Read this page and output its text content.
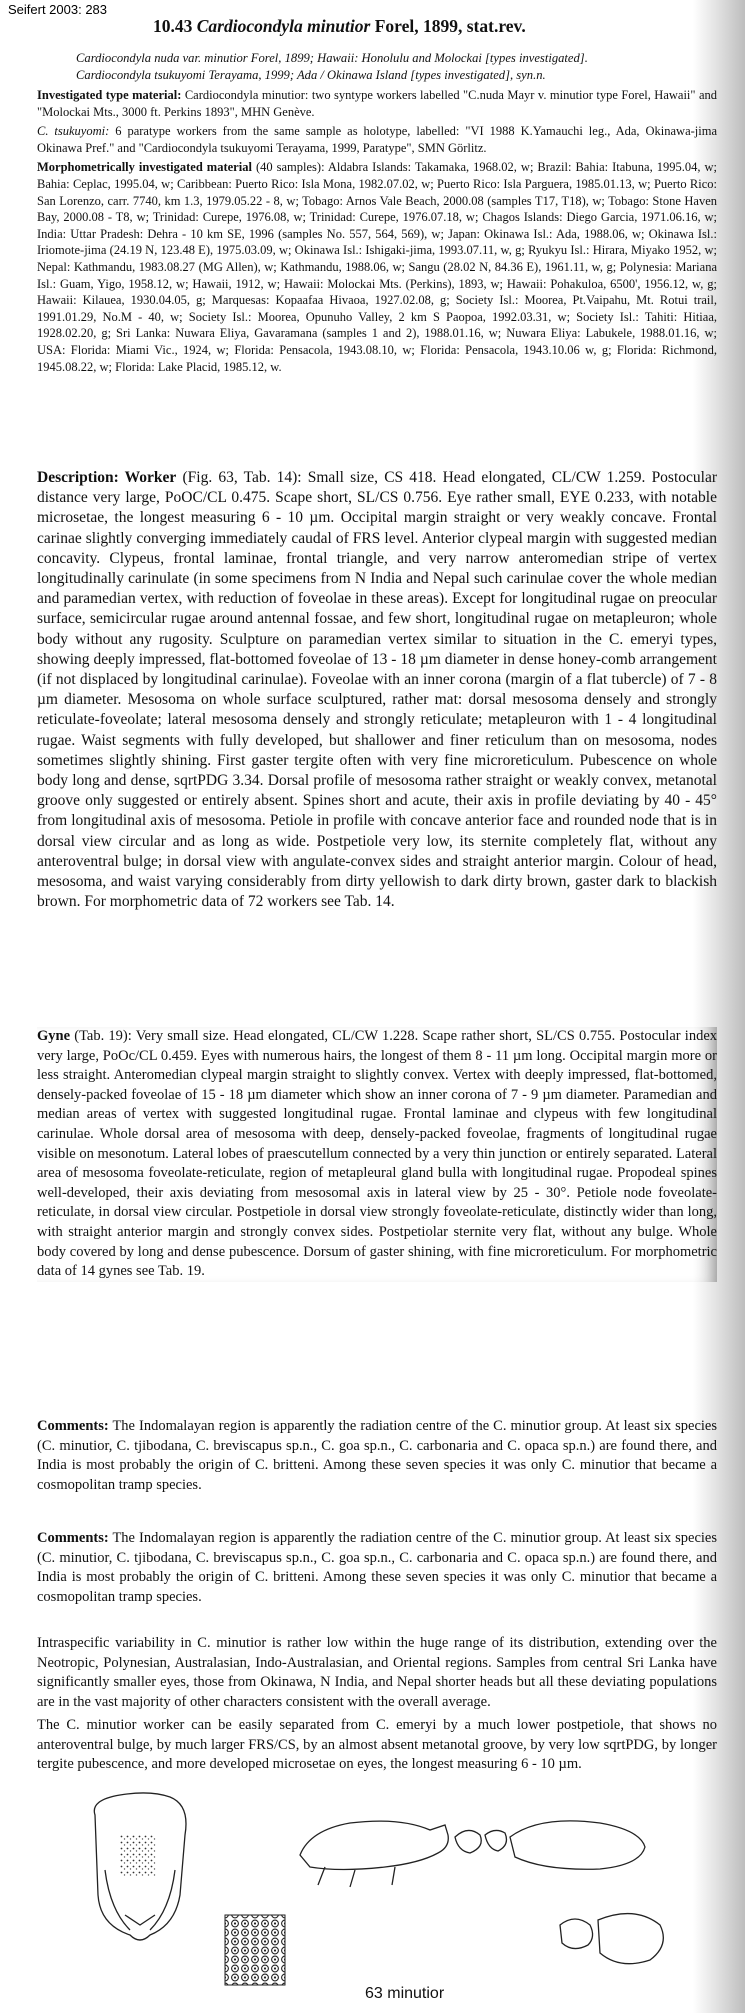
Seifert 2003: 283
10.43 Cardiocondyla minutior Forel, 1899, stat.rev.

Cardiocondyla nuda var. minutior Forel, 1899; Hawaii: Honolulu and Molockai [types investigated].

Cardiocondyla tsukuyomi Terayama, 1999; Ada / Okinawa Island [types investigated], syn.n.

Investigated type material: Cardiocondyla minutior: two syntype workers labelled "C.nuda Mayr v. minutior type Forel, Hawaii" and "Molockai Mts., 3000 ft. Perkins 1893", MHN Genève.

C. tsukuyomi: 6 paratype workers from the same sample as holotype, labelled: "VI 1988 K.Yamauchi leg., Ada, Okinawa-jima Okinawa Pref." and "Cardiocondyla tsukuyomi Terayama, 1999, Paratype", SMN Görlitz.

Morphometrically investigated material (40 samples): Aldabra Islands: Takamaka, 1968.02, w; Brazil: Bahia: Itabuna, 1995.04, w; Bahia: Ceplac, 1995.04, w; Caribbean: Puerto Rico: Isla Mona, 1982.07.02, w; Puerto Rico: Isla Parguera, 1985.01.13, w; Puerto Rico: San Lorenzo, carr. 7740, km 1.3, 1979.05.22 - 8, w; Tobago: Arnos Vale Beach, 2000.08 (samples T17, T18), w; Tobago: Stone Haven Bay, 2000.08 - T8, w; Trinidad: Curepe, 1976.08, w; Trinidad: Curepe, 1976.07.18, w; Chagos Islands: Diego Garcia, 1971.06.16, w; India: Uttar Pradesh: Dehra - 10 km SE, 1996 (samples No. 557, 564, 569), w; Japan: Okinawa Isl.: Ada, 1988.06, w; Okinawa Isl.: Iriomote-jima (24.19 N, 123.48 E), 1975.03.09, w; Okinawa Isl.: Ishigaki-jima, 1993.07.11, w, g; Ryukyu Isl.: Hirara, Miyako 1952, w; Nepal: Kathmandu, 1983.08.27 (MG Allen), w; Kathmandu, 1988.06, w; Sangu (28.02 N, 84.36 E), 1961.11, w, g; Polynesia: Mariana Isl.: Guam, Yigo, 1958.12, w; Hawaii, 1912, w; Hawaii: Molockai Mts. (Perkins), 1893, w; Hawaii: Pohakuloa, 6500', 1956.12, w, g; Hawaii: Kilauea, 1930.04.05, g; Marquesas: Kopaafaa Hivaoa, 1927.02.08, g; Society Isl.: Moorea, Pt.Vaipahu, Mt. Rotui trail, 1991.01.29, No.M - 40, w; Society Isl.: Moorea, Opunuho Valley, 2 km S Paopoa, 1992.03.31, w; Society Isl.: Tahiti: Hitiaa, 1928.02.20, g; Sri Lanka: Nuwara Eliya, Gavaramana (samples 1 and 2), 1988.01.16, w; Nuwara Eliya: Labukele, 1988.01.16, w; USA: Florida: Miami Vic., 1924, w; Florida: Pensacola, 1943.08.10, w; Florida: Pensacola, 1943.10.06 w, g; Florida: Richmond, 1945.08.22, w; Florida: Lake Placid, 1985.12, w.

Description: Worker (Fig. 63, Tab. 14): Small size, CS 418. Head elongated, CL/CW 1.259. Postocular distance very large, PoOC/CL 0.475. Scape short, SL/CS 0.756. Eye rather small, EYE 0.233, with notable microsetae, the longest measuring 6 - 10 µm. Occipital margin straight or very weakly concave. Frontal carinae slightly converging immediately caudal of FRS level. Anterior clypeal margin with suggested median concavity. Clypeus, frontal laminae, frontal triangle, and very narrow anteromedian stripe of vertex longitudinally carinulate (in some specimens from N India and Nepal such carinulae cover the whole median and paramedian vertex, with reduction of foveolae in these areas). Except for longitudinal rugae on preocular surface, semicircular rugae around antennal fossae, and few short, longitudinal rugae on metapleuron; whole body without any rugosity. Sculpture on paramedian vertex similar to situation in the C. emeryi types, showing deeply impressed, flat-bottomed foveolae of 13 - 18 µm diameter in dense honey-comb arrangement (if not displaced by longitudinal carinulae). Foveolae with an inner corona (margin of a flat tubercle) of 7 - 8 µm diameter. Mesosoma on whole surface sculptured, rather mat: dorsal mesosoma densely and strongly reticulate-foveolate; lateral mesosoma densely and strongly reticulate; metapleuron with 1 - 4 longitudinal rugae. Waist segments with fully developed, but shallower and finer reticulum than on mesosoma, nodes sometimes slightly shining. First gaster tergite often with very fine microreticulum. Pubescence on whole body long and dense, sqrtPDG 3.34. Dorsal profile of mesosoma rather straight or weakly convex, metanotal groove only suggested or entirely absent. Spines short and acute, their axis in profile deviating by 40 - 45° from longitudinal axis of mesosoma. Petiole in profile with concave anterior face and rounded node that is in dorsal view circular and as long as wide. Postpetiole very low, its sternite completely flat, without any anteroventral bulge; in dorsal view with angulate-convex sides and straight anterior margin. Colour of head, mesosoma, and waist varying considerably from dirty yellowish to dark dirty brown, gaster dark to blackish brown. For morphometric data of 72 workers see Tab. 14.

Gyne (Tab. 19): Very small size. Head elongated, CL/CW 1.228. Scape rather short, SL/CS 0.755. Postocular index very large, PoOc/CL 0.459. Eyes with numerous hairs, the longest of them 8 - 11 µm long. Occipital margin more or less straight. Anteromedian clypeal margin straight to slightly convex. Vertex with deeply impressed, flat-bottomed, densely-packed foveolae of 15 - 18 µm diameter which show an inner corona of 7 - 9 µm diameter. Paramedian and median areas of vertex with suggested longitudinal rugae. Frontal laminae and clypeus with few longitudinal carinulae. Whole dorsal area of mesosoma with deep, densely-packed foveolae, fragments of longitudinal rugae visible on mesonotum. Lateral lobes of praescutellum connected by a very thin junction or entirely separated. Lateral area of mesosoma foveolate-reticulate, region of metapleural gland bulla with longitudinal rugae. Propodeal spines well-developed, their axis deviating from mesosomal axis in lateral view by 25 - 30°. Petiole node foveolate-reticulate, in dorsal view circular. Postpetiole in dorsal view strongly foveolate-reticulate, distinctly wider than long, with straight anterior margin and strongly convex sides. Postpetiolar sternite very flat, without any bulge. Whole body covered by long and dense pubescence. Dorsum of gaster shining, with fine microreticulum. For morphometric data of 14 gynes see Tab. 19.

Comments: The Indomalayan region is apparently the radiation centre of the C. minutior group. At least six species (C. minutior, C. tjibodana, C. breviscapus sp.n., C. goa sp.n., C. carbonaria and C. opaca sp.n.) are found there, and India is most probably the origin of C. britteni. Among these seven species it was only C. minutior that became a cosmopolitan tramp species.

Comments: The Indomalayan region is apparently the radiation centre of the C. minutior group. At least six species (C. minutior, C. tjibodana, C. breviscapus sp.n., C. goa sp.n., C. carbonaria and C. opaca sp.n.) are found there, and India is most probably the origin of C. britteni. Among these seven species it was only C. minutior that became a cosmopolitan tramp species.

Intraspecific variability in C. minutior is rather low within the huge range of its distribution, extending over the Neotropic, Polynesian, Australasian, Indo-Australasian, and Oriental regions. Samples from central Sri Lanka have significantly smaller eyes, those from Okinawa, N India, and Nepal shorter heads but all these deviating populations are in the vast majority of other characters consistent with the overall average.
The C. minutior worker can be easily separated from C. emeryi by a much lower postpetiole, that shows no anteroventral bulge, by much larger FRS/CS, by an almost absent metanotal groove, by very low sqrtPDG, by longer tergite pubescence, and more developed microsetae on eyes, the longest measuring 6 - 10 µm.
63 minutior
